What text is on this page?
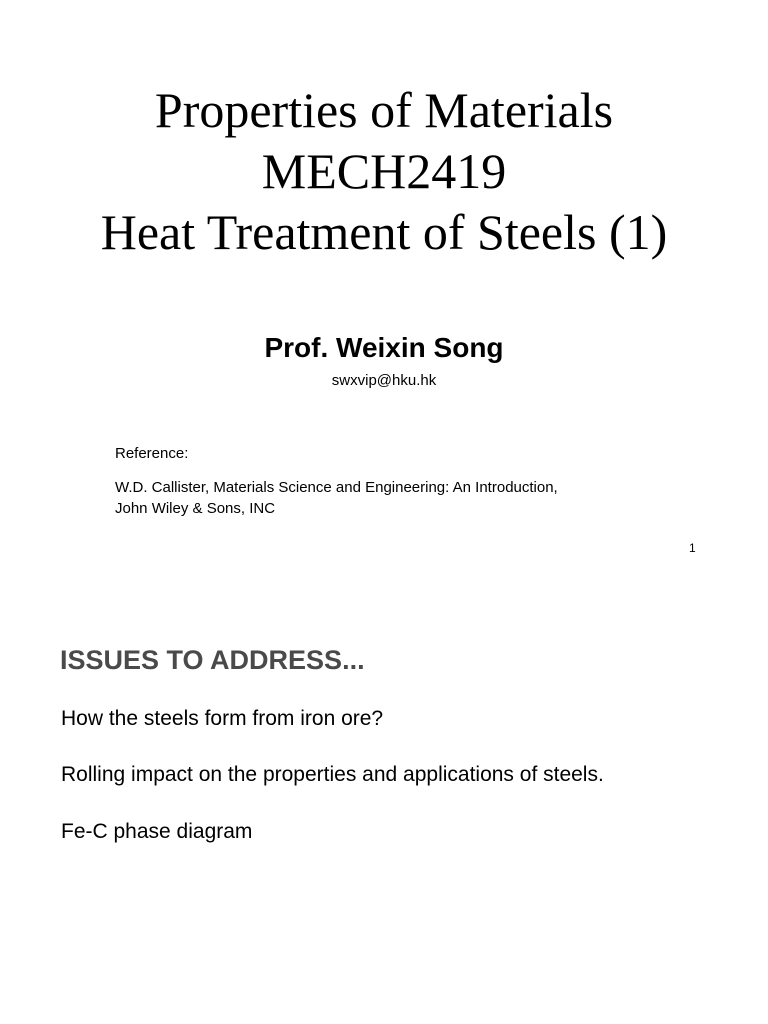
Properties of Materials
MECH2419
Heat Treatment of Steels (1)
Prof. Weixin Song
swxvip@hku.hk
Reference:
W.D. Callister, Materials Science and Engineering: An Introduction,
John Wiley & Sons, INC
1
ISSUES TO ADDRESS...
How the steels form from iron ore?
Rolling impact on the properties and applications of steels.
Fe-C phase diagram
